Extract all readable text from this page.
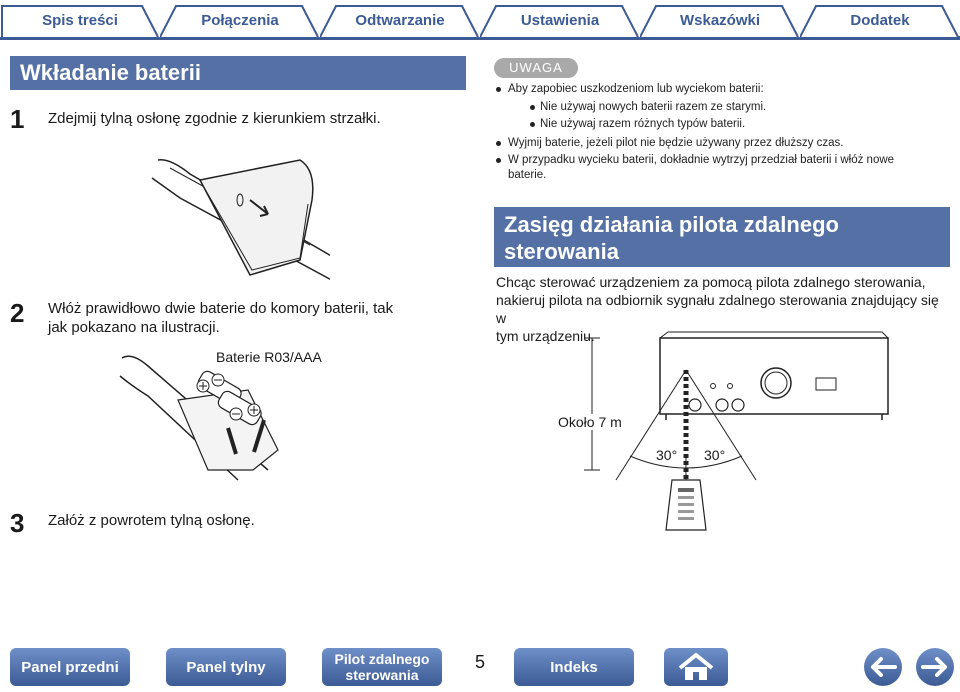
Spis treści	Połączenia	Odtwarzanie	Ustawienia	Wskazówki	Dodatek
Wkładanie baterii
1 Zdejmij tylną osłonę zgodnie z kierunkiem strzałki.
2 Włóż prawidłowo dwie baterie do komory baterii, tak
jak pokazano na ilustracji.
Baterie R03/AAA
3 Załóż z powrotem tylną osłonę.
UWAGA
Aby zapobiec uszkodzeniom lub wyciekom baterii:
Nie używaj nowych baterii razem ze starymi.
Nie używaj razem różnych typów baterii.
Wyjmij baterie, jeżeli pilot nie będzie używany przez dłuższy czas.
W przypadku wycieku baterii, dokładnie wytrzyj przedział baterii i włóż nowe
baterie.
Zasięg działania pilota zdalnego
sterowania
Chcąc sterować urządzeniem za pomocą pilota zdalnego sterowania,
nakieruj pilota na odbiornik sygnału zdalnego sterowania znajdujący się w
tym urządzeniu.
Około 7 m
30° 30°
Panel przedni	Panel tylny	Pilot zdalnego
sterowania
5	Indeks
